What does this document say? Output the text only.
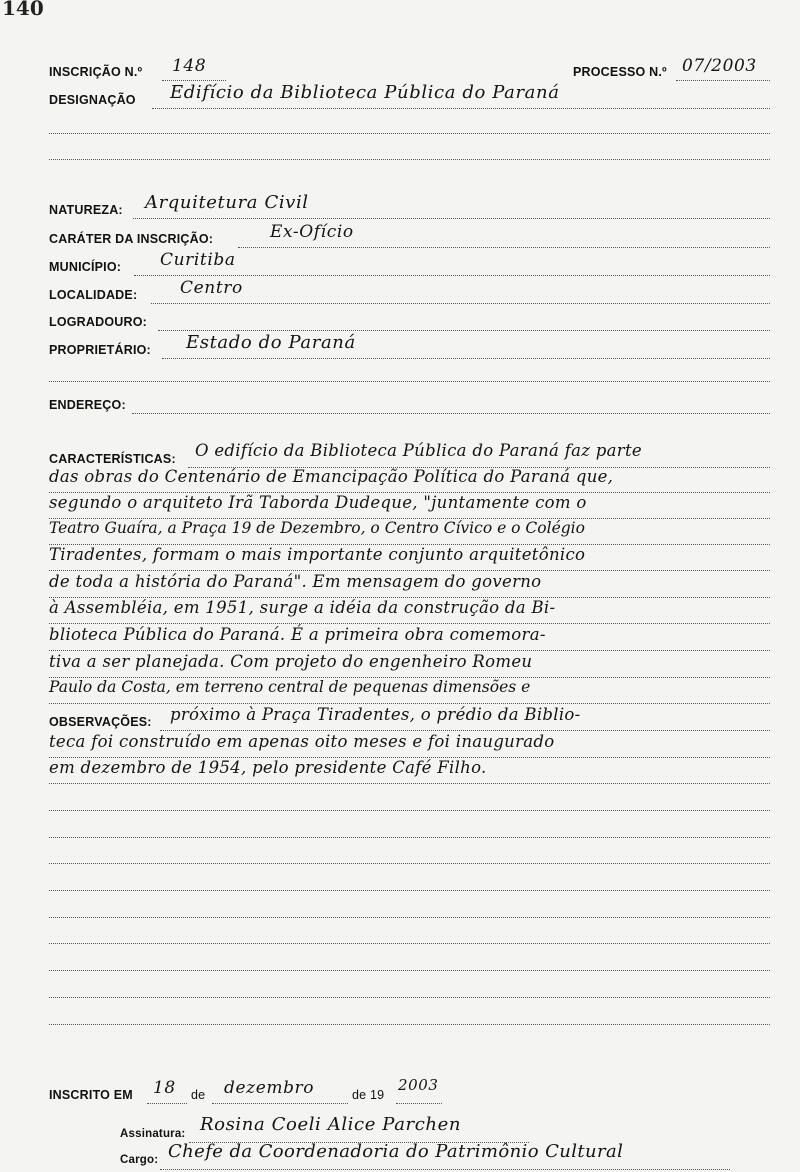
140
INSCRIÇÃO N.º 148	PROCESSO N.º 07/2003
DESIGNAÇÃO Edifício da Biblioteca Pública do Paraná
NATUREZA: Arquitetura Civil
CARÁTER DA INSCRIÇÃO:	Ex-Ofício
MUNICÍPIO: Curitiba
LOCALIDADE:	Centro
LOGRADOURO:
PROPRIETÁRIO: Estado do Paraná
ENDEREÇO:
CARACTERÍSTICAS: O edifício da Biblioteca Pública do Paraná faz parte
das obras do Centenário de Emancipação Política do Paraná que,
segundo o arquiteto Irã Taborda Dudeque, "juntamente com o
Teatro Guaíra, a Praça 19 de Dezembro, o Centro Cívico e o Colégio
Tiradentes, formam o mais importante conjunto arquitetônico
de toda a história do Paraná". Em mensagem do governo
à Assembléia, em 1951, surge a idéia da construção da Bi-
blioteca Pública do Paraná. É a primeira obra comemora-
tiva a ser planejada. Com projeto do engenheiro Romeu
Paulo da Costa, em terreno central de pequenas dimensões e
OBSERVAÇÕES: próximo à Praça Tiradentes, o prédio da Biblio-
teca foi construído em apenas oito meses e foi inaugurado
em dezembro de 1954, pelo presidente Café Filho.
INSCRITO EM 18 de dezembro	de 19
2003
Assinatura: Rosina Coeli Alice Parchen
Cargo: Chefe da Coordenadoria do Patrimônio Cultural
